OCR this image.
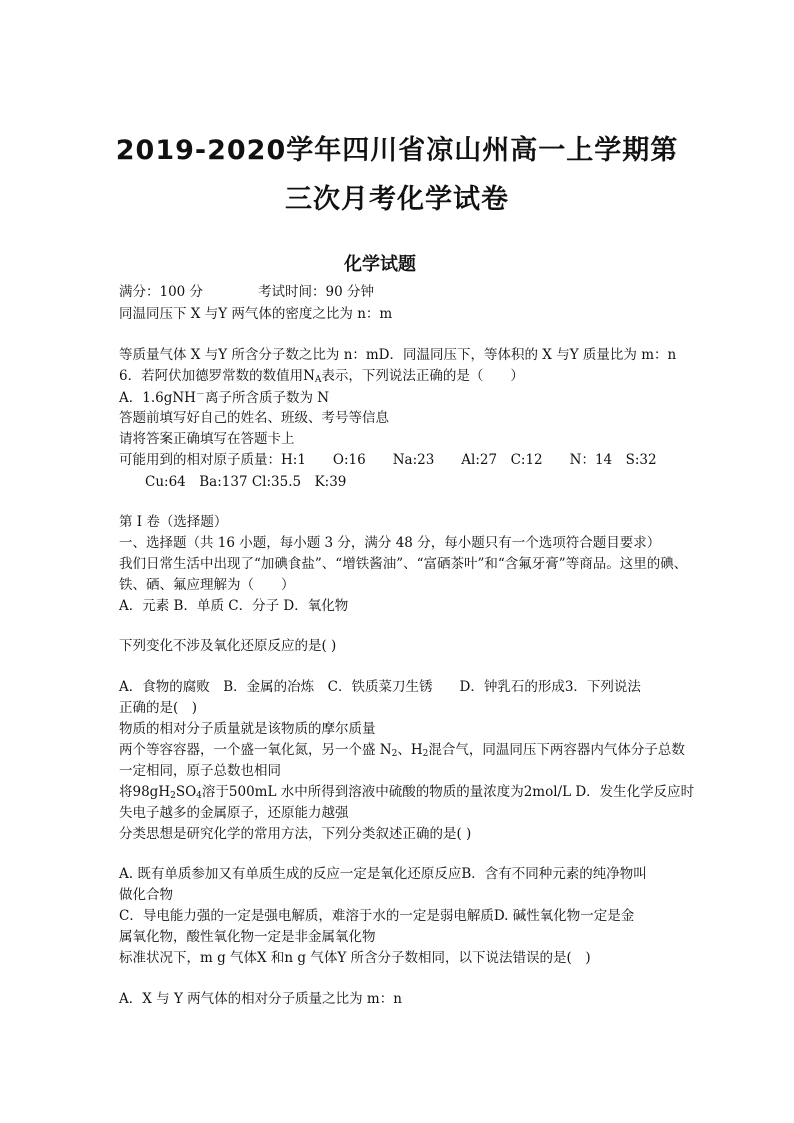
2019-2020学年四川省凉山州高一上学期第
三次月考化学试卷
化学试题
满分：100 分	考试时间：90 分钟
同温同压下 X 与Y 两气体的密度之比为 n：m
等质量气体 X 与Y 所含分子数之比为 n：mD．同温同压下，等体积的 X 与Y 质量比为 m：n
6．若阿伏加德罗常数的数值用$N_A$表示，下列说法正确的是（　　）
A．1.6gNH－离子所含质子数为 N
答题前填写好自己的姓名、班级、考号等信息
请将答案正确填写在答题卡上
可能用到的相对原子质量：H:1　　O:16　　Na:23　　Al:27　C:12　　N：14　S:32
Cu:64　Ba:137 Cl:35.5　K:39
第 I 卷（选择题）
一、选择题（共 16 小题，每小题 3 分，满分 48 分，每小题只有一个选项符合题目要求）
我们日常生活中出现了“加碘食盐”、“增铁酱油”、“富硒茶叶”和“含氟牙膏”等商品。这里的碘、
铁、硒、氟应理解为（　　）
A．元素 B．单质 C．分子 D．氧化物
下列变化不涉及氧化还原反应的是( )
A．食物的腐败　B．金属的冶炼　C．铁质菜刀生锈　　D．钟乳石的形成3．下列说法
正确的是(　)
物质的相对分子质量就是该物质的摩尔质量
两个等容容器，一个盛一氧化氮，另一个盛 $N_2$、$H_2$混合气，同温同压下两容器内气体分子总数
一定相同，原子总数也相同
将$98gH_2SO_4$溶于500mL 水中所得到溶液中硫酸的物质的量浓度为2mol/L D．发生化学反应时
失电子越多的金属原子，还原能力越强
分类思想是研究化学的常用方法，下列分类叙述正确的是( )
A. 既有单质参加又有单质生成的反应一定是氧化还原反应B．含有不同种元素的纯净物叫
做化合物
C．导电能力强的一定是强电解质，难溶于水的一定是弱电解质D. 碱性氧化物一定是金
属氧化物，酸性氧化物一定是非金属氧化物
标准状况下，m g 气体X 和n g 气体Y 所含分子数相同，以下说法错误的是(　)
A．X 与 Y 两气体的相对分子质量之比为 m：n
